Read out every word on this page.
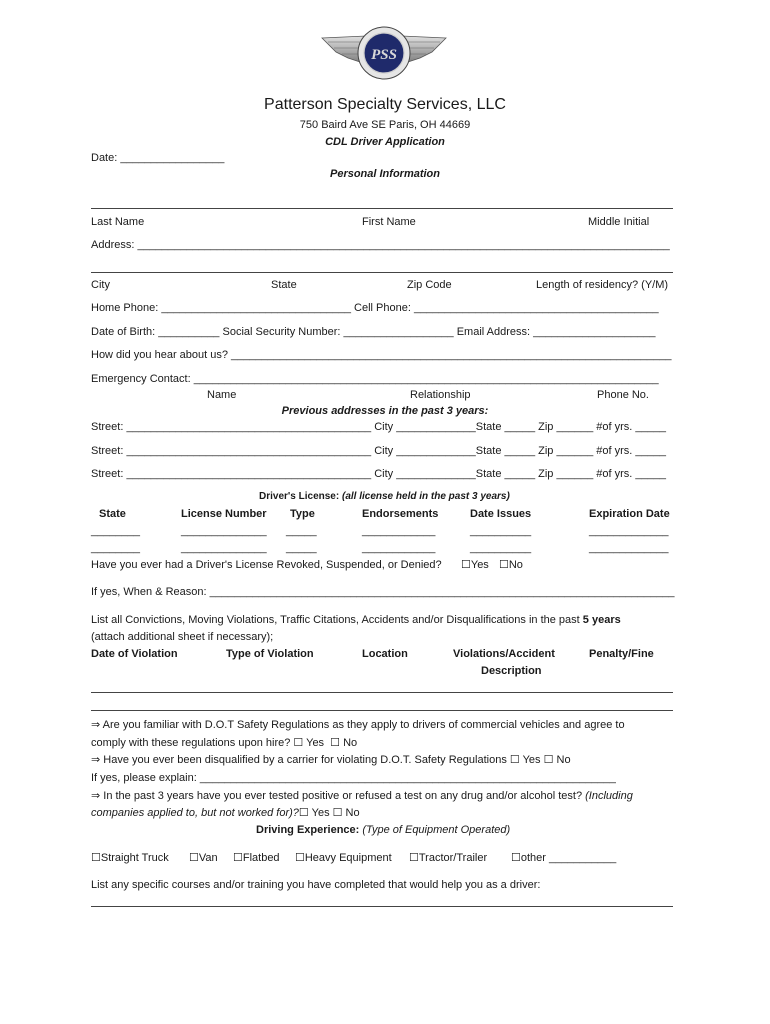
PSS
Patterson Specialty Services, LLC
750 Baird Ave SE Paris, OH 44669
CDL Driver Application
Date: _________________
Personal Information
Last Name	First Name	Middle Initial
Address: _______________________________________________________________________________________
City	State	Zip Code	Length of residency? (Y/M)
Home Phone: _______________________________ Cell Phone: ________________________________________
Date of Birth: __________ Social Security Number: __________________ Email Address: ____________________
How did you hear about us? ________________________________________________________________________
Emergency Contact: ____________________________________________________________________________
Name	Relationship	Phone No.
Previous addresses in the past 3 years:
Street: ________________________________________ City _____________State _____ Zip ______ #of yrs. _____
Street: ________________________________________ City _____________State _____ Zip ______ #of yrs. _____
Street: ________________________________________ City _____________State _____ Zip ______ #of yrs. _____
Driver's License: (all license held in the past 3 years)
State	License Number Type	Endorsements	Date Issues	Expiration Date
________	______________ _____	____________	__________	_____________
________	______________ _____	____________	__________	_____________
Have you ever had a Driver's License Revoked, Suspended, or Denied? ☐Yes ☐No
If yes, When & Reason: ____________________________________________________________________________
List all Convictions, Moving Violations, Traffic Citations, Accidents and/or Disqualifications in the past 5 years
(attach additional sheet if necessary);
Date of Violation	Type of Violation	Location	Violations/Accident	Penalty/Fine
Description
⇒ Are you familiar with D.O.T Safety Regulations as they apply to drivers of commercial vehicles and agree to
comply with these regulations upon hire? ☐ Yes  ☐ No
⇒ Have you ever been disqualified by a carrier for violating D.O.T. Safety Regulations ☐ Yes ☐ No
If yes, please explain: ____________________________________________________________________
⇒ In the past 3 years have you ever tested positive or refused a test on any drug and/or alcohol test? (Including
companies applied to, but not worked for)?☐ Yes ☐ No
Driving Experience: (Type of Equipment Operated)
☐Straight Truck ☐Van ☐Flatbed ☐Heavy Equipment ☐Tractor/Trailer ☐other ___________
List any specific courses and/or training you have completed that would help you as a driver:
